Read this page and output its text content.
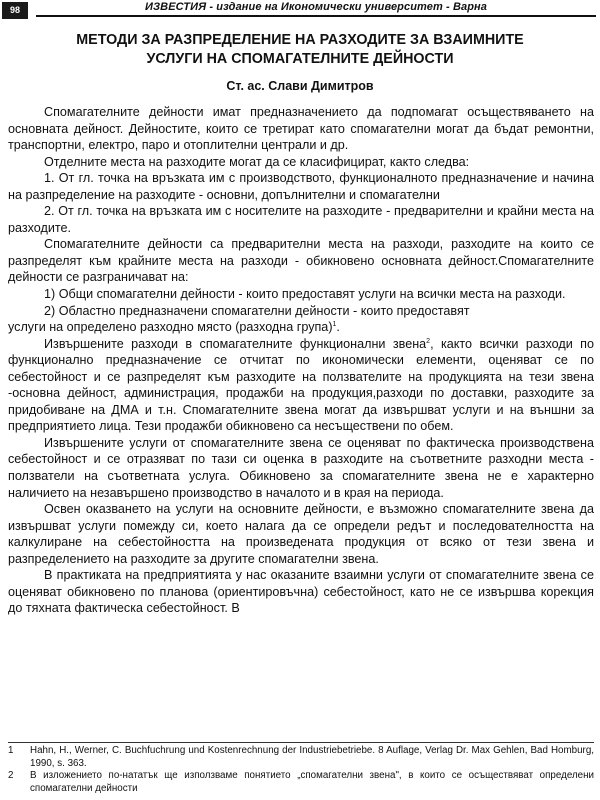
98	ИЗВЕСТИЯ - издание на Икономически университет - Варна
МЕТОДИ ЗА РАЗПРЕДЕЛЕНИЕ НА РАЗХОДИТЕ ЗА ВЗАИМНИТЕ
УСЛУГИ НА СПОМАГАТЕЛНИТЕ ДЕЙНОСТИ
Ст. ас. Слави Димитров

Спомагателните дейности имат предназначението да подпомагат осъществяването на основната дейност. Дейностите, които се третират като спомагателни могат да бъдат ремонтни, транспортни, електро, паро и отоплителни централи и др.

Отделните места на разходите могат да се класифицират, както следва:

1. От гл. точка на връзката им с производството, функционалното предназначение и начина на разпределение на разходите - основни, допълнителни и спомагателни

2. От гл. точка на връзката им с носителите на разходите - предварителни и крайни места на разходите.

Спомагателните дейности са предварителни места на разходи, разходите на които се разпределят към крайните места на разходи - обикновено основната дейност.Спомагателните дейности се разграничават на:

1) Общи спомагателни дейности - които предоставят услуги на всички места на разходи.

2) Областно предназначени спомагателни дейности - които предоставят

услуги на определено разходно място (разходна група)$^1$.

Извършените разходи в спомагателните функционални звена$^2$, както всички разходи по функционално предназначение се отчитат по икономически елементи, оценяват се по себестойност и се разпределят към разходите на ползвателите на продукцията на тези звена -основна дейност, администрация, продажби на продукция,разходи по доставки, разходите за придобиване на ДМА и т.н. Спомагателните звена могат да извършват услуги и на външни за предприятието лица. Тези продажби обикновено са несъществени по обем.

Извършените услуги от спомагателните звена се оценяват по фактическа производствена себестойност и се отразяват по тази си оценка в разходите на съответните разходни места - ползватели на съответната услуга. Обикновено за спомагателните звена не е характерно наличието на незавършено производство в началото и в края на периода.

Освен оказването на услуги на основните дейности, е възможно спомагателните звена да извършват услуги помежду си, което налага да се определи редът и последователността на калкулиране на себестойността на произведената продукция от всяко от тези звена и разпределението на разходите за другите спомагателни звена.

В практиката на предприятията у нас оказаните взаимни услуги от спомагателните звена се оценяват обикновено по планова (ориентировъчна) себестойност, като не се извършва корекция до тяхната фактическа себестойност. В

1 Hahn, H., Werner, C. Buchfuchrung und Kostenrechnung der Industriebetriebe. 8 Auflage, Verlag Dr. Max Gehlen, Bad Homburg, 1990, s. 363.
2 В изложението по-нататък ще използваме понятието „спомагателни звена", в които се осъществяват определени спомагателни дейности
